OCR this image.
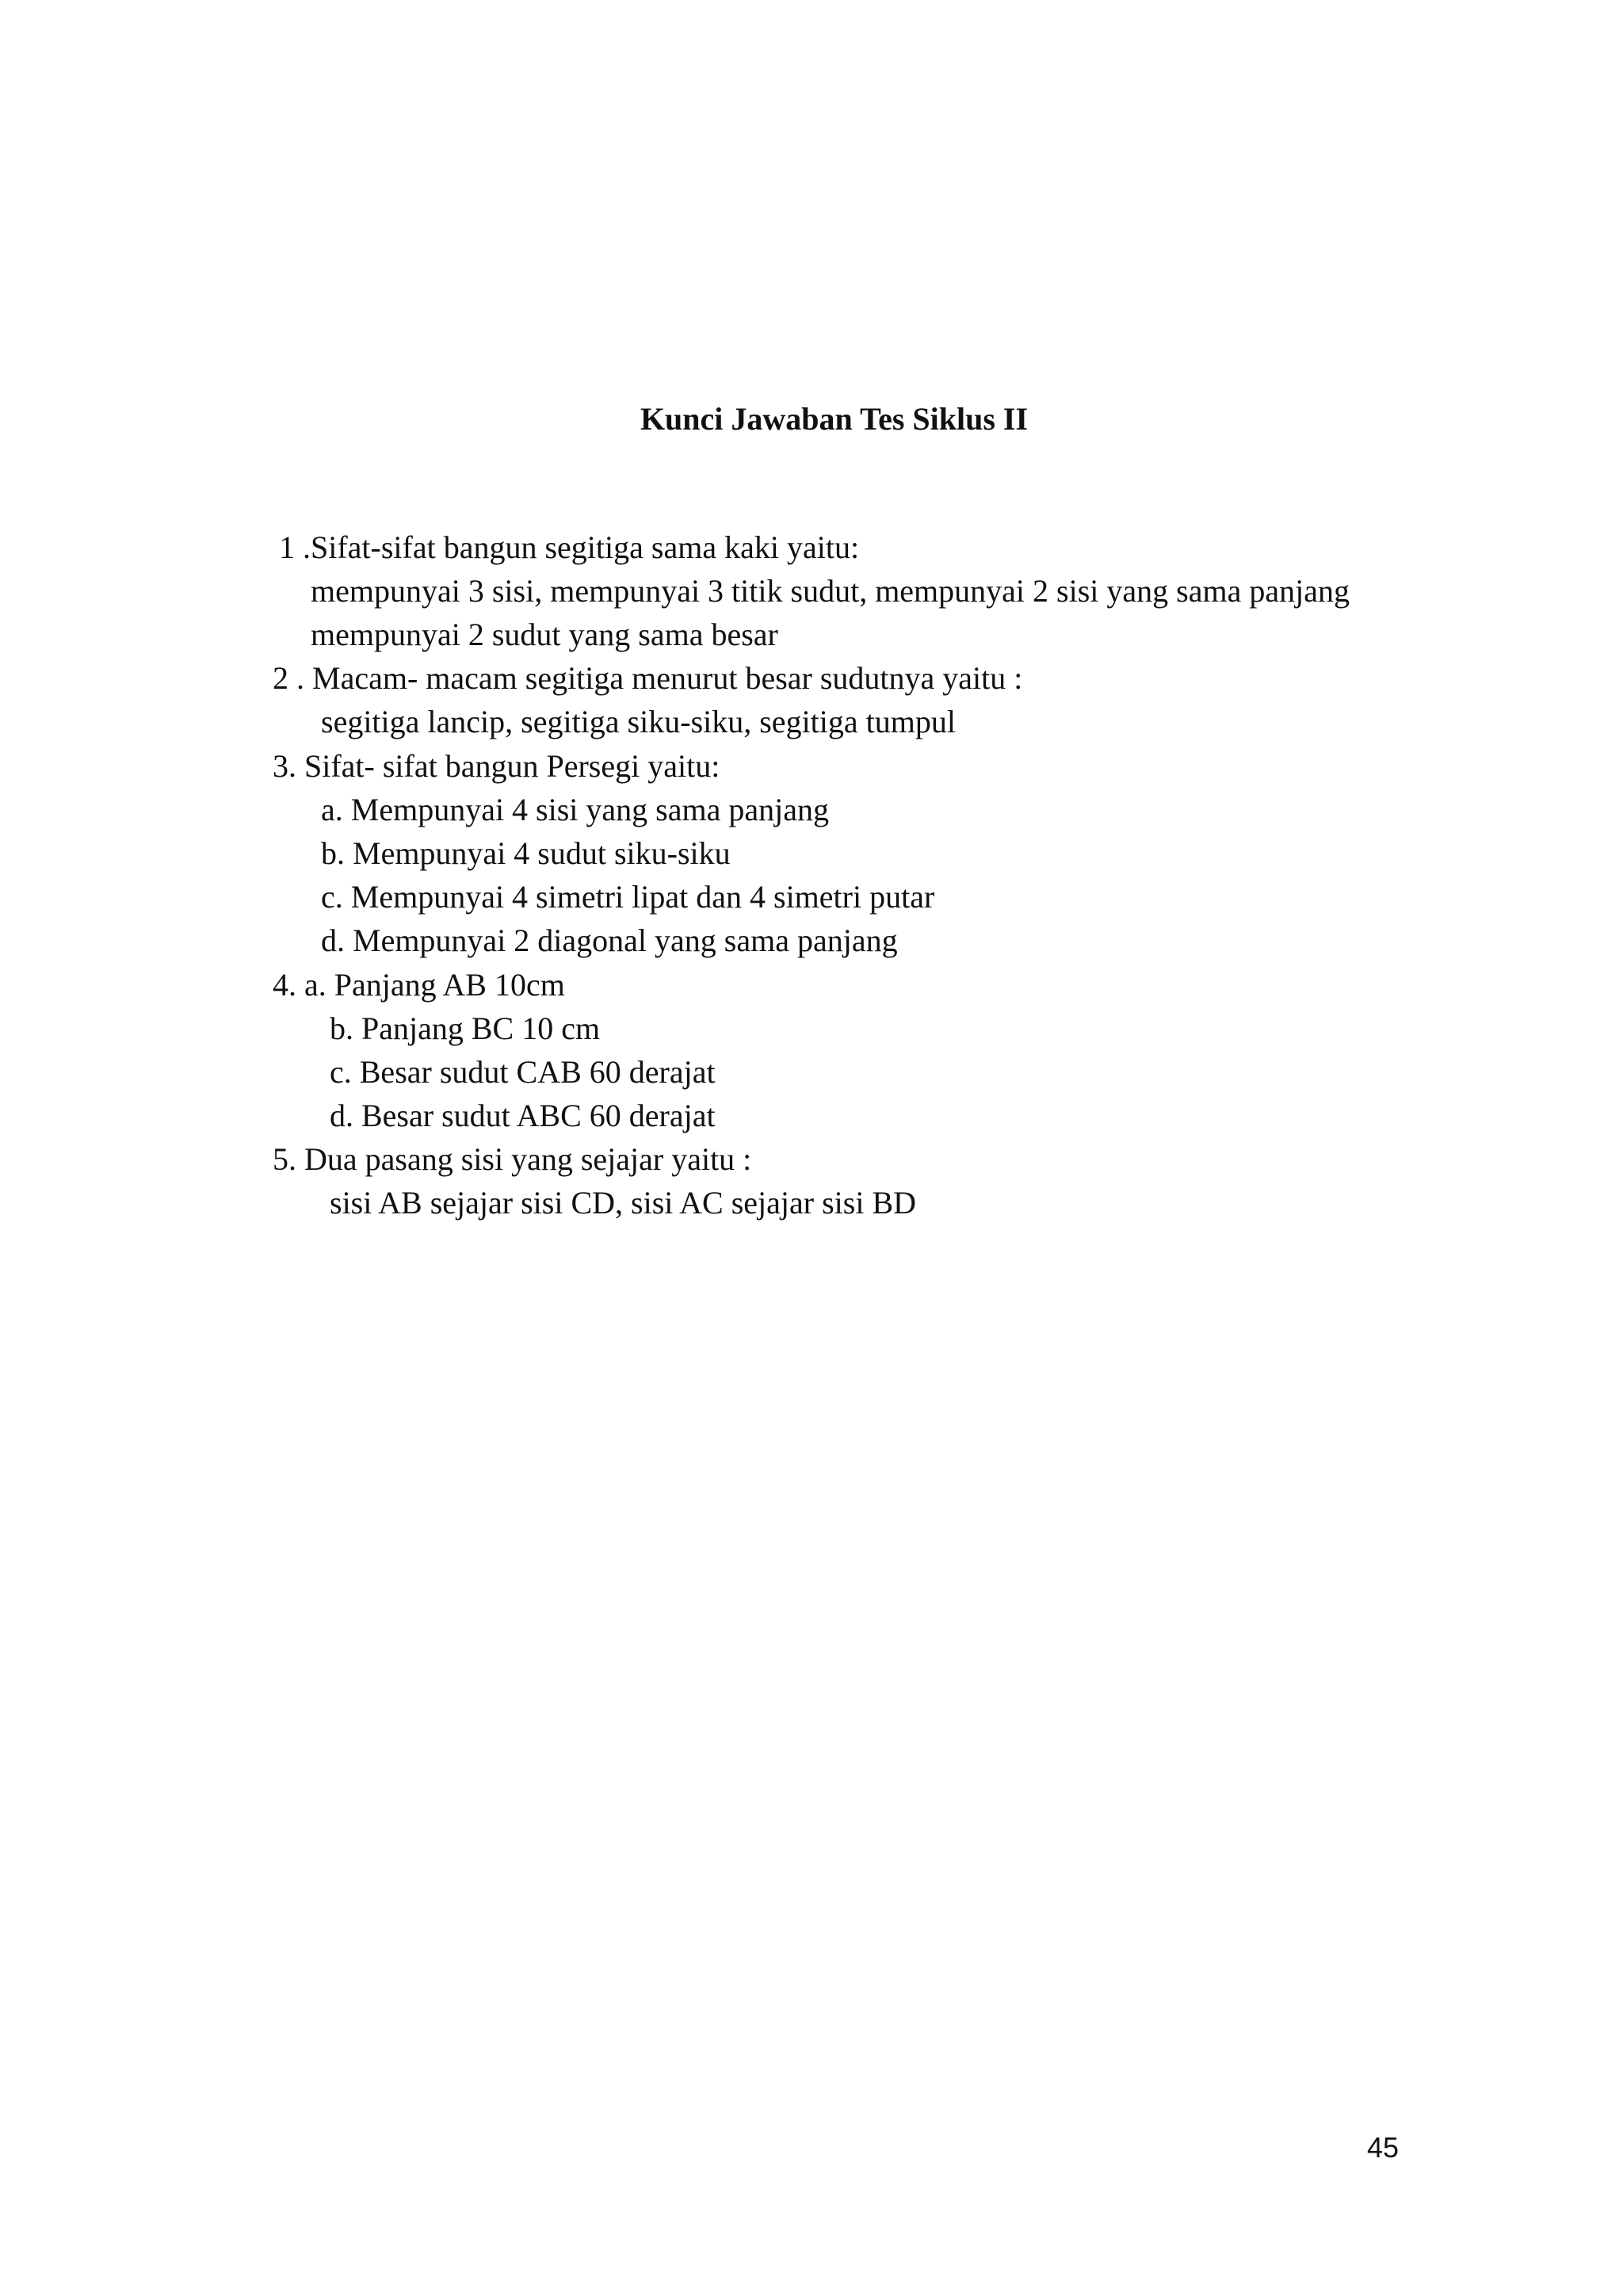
Kunci Jawaban Tes Siklus II
1 .Sifat-sifat bangun segitiga sama kaki yaitu:
mempunyai 3 sisi, mempunyai 3 titik sudut, mempunyai 2 sisi yang sama panjang
mempunyai 2 sudut yang sama besar
2 . Macam- macam segitiga menurut besar sudutnya yaitu :
segitiga lancip, segitiga siku-siku, segitiga tumpul
3. Sifat- sifat bangun Persegi yaitu:
a. Mempunyai 4 sisi yang sama panjang
b. Mempunyai 4 sudut siku-siku
c. Mempunyai 4 simetri lipat dan 4 simetri putar
d. Mempunyai 2 diagonal yang sama panjang
4. a. Panjang AB 10cm
b. Panjang BC 10 cm
c. Besar sudut CAB 60 derajat
d. Besar sudut ABC 60 derajat
5. Dua pasang sisi yang sejajar yaitu :
sisi AB sejajar sisi CD, sisi AC sejajar sisi BD
45
